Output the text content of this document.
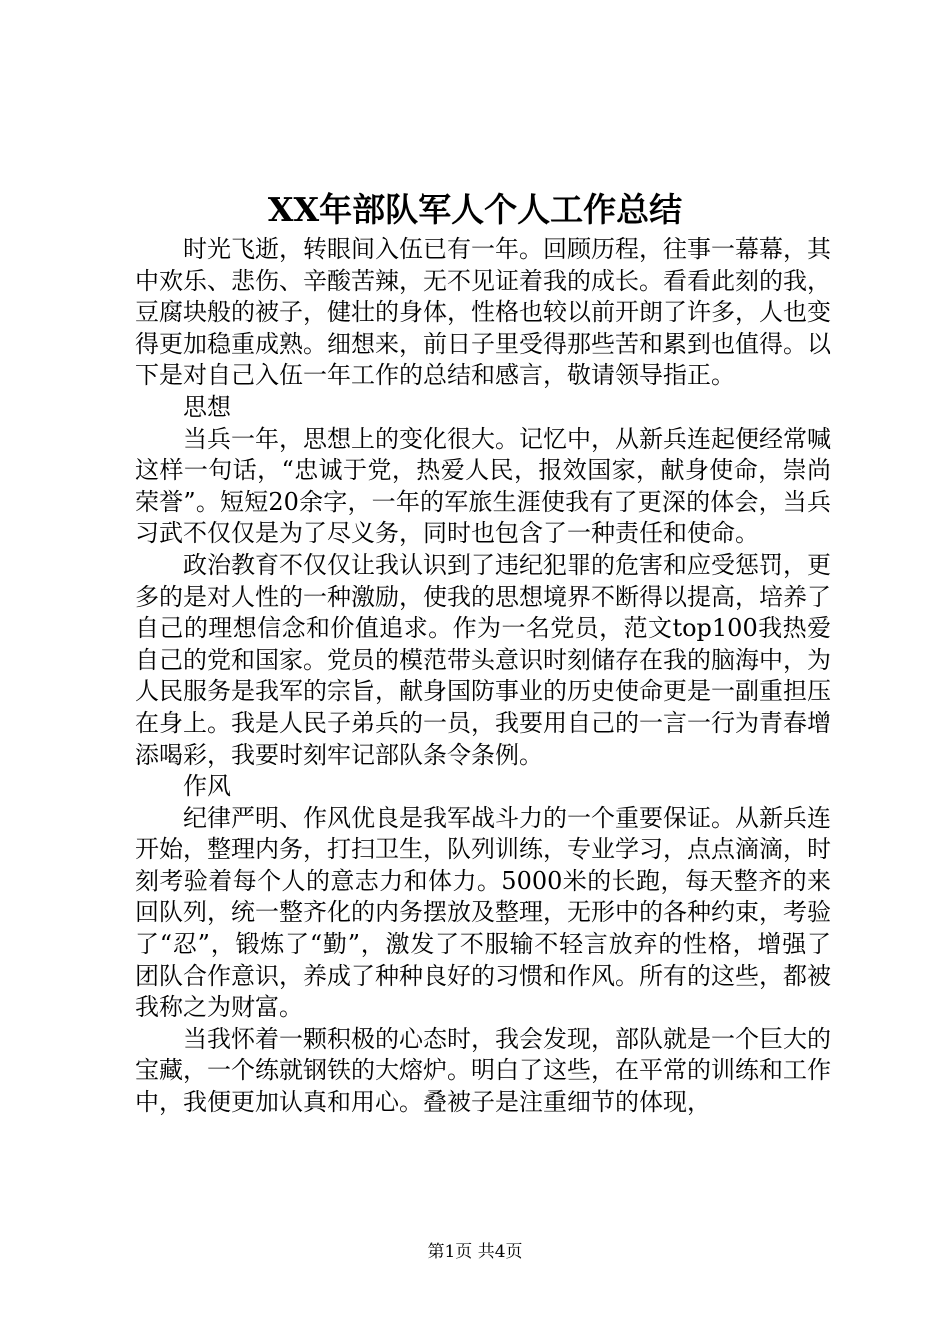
XX年部队军人个人工作总结

时光飞逝，转眼间入伍已有一年。回顾历程，往事一幕幕，其中欢乐、悲伤、辛酸苦辣，无不见证着我的成长。看看此刻的我，豆腐块般的被子，健壮的身体，性格也较以前开朗了许多，人也变得更加稳重成熟。细想来，前日子里受得那些苦和累到也值得。以下是对自己入伍一年工作的总结和感言，敬请领导指正。

思想

当兵一年，思想上的变化很大。记忆中，从新兵连起便经常喊这样一句话，“忠诚于党，热爱人民，报效国家，献身使命，崇尚荣誉”。短短20余字，一年的军旅生涯使我有了更深的体会，当兵习武不仅仅是为了尽义务，同时也包含了一种责任和使命。

政治教育不仅仅让我认识到了违纪犯罪的危害和应受惩罚，更多的是对人性的一种激励，使我的思想境界不断得以提高，培养了自己的理想信念和价值追求。作为一名党员，范文top100我热爱自己的党和国家。党员的模范带头意识时刻储存在我的脑海中，为人民服务是我军的宗旨，献身国防事业的历史使命更是一副重担压在身上。我是人民子弟兵的一员，我要用自己的一言一行为青春增添喝彩，我要时刻牢记部队条令条例。

作风

纪律严明、作风优良是我军战斗力的一个重要保证。从新兵连开始，整理内务，打扫卫生，队列训练，专业学习，点点滴滴，时刻考验着每个人的意志力和体力。5000米的长跑，每天整齐的来回队列，统一整齐化的内务摆放及整理，无形中的各种约束，考验了“忍”，锻炼了“勤”，激发了不服输不轻言放弃的性格，增强了团队合作意识，养成了种种良好的习惯和作风。所有的这些，都被我称之为财富。

当我怀着一颗积极的心态时，我会发现，部队就是一个巨大的宝藏，一个练就钢铁的大熔炉。明白了这些，在平常的训练和工作中，我便更加认真和用心。叠被子是注重细节的体现，

第1页 共4页
